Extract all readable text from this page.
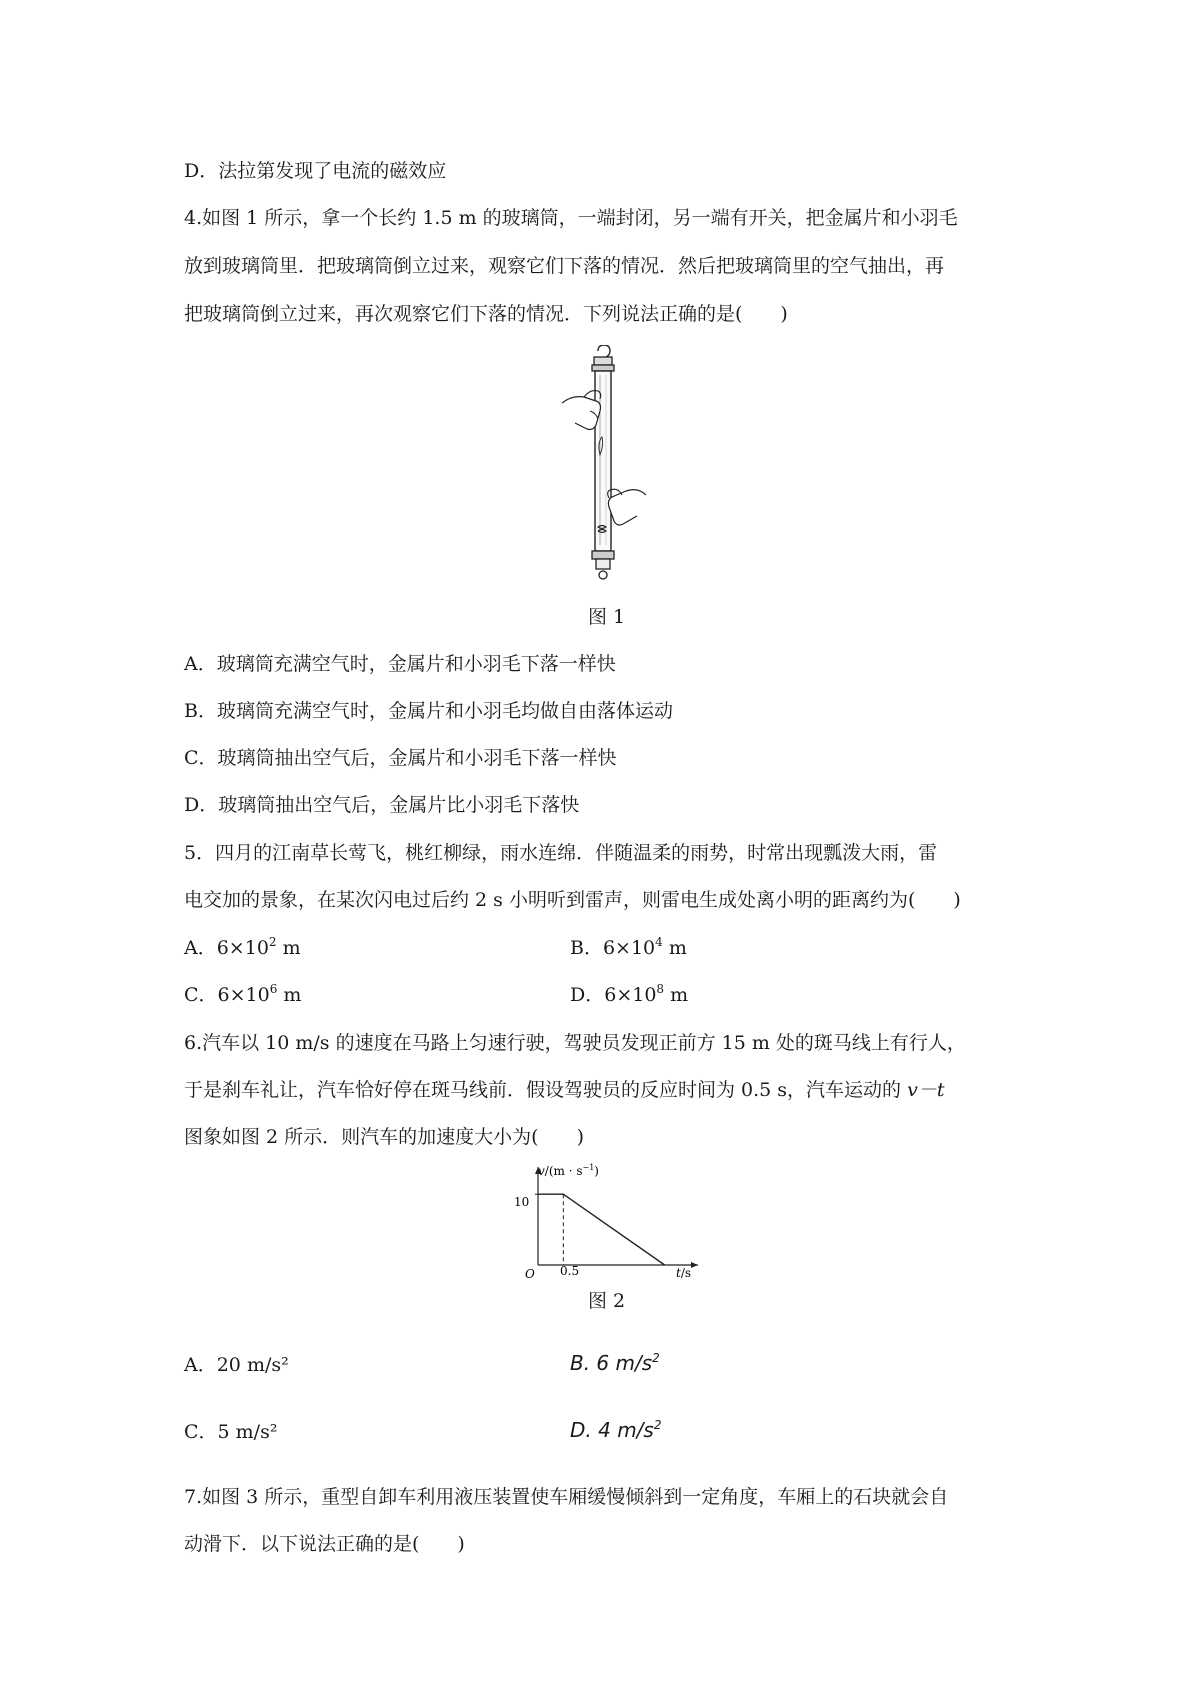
D．法拉第发现了电流的磁效应
4.如图 1 所示，拿一个长约 1.5 m 的玻璃筒，一端封闭，另一端有开关，把金属片和小羽毛
放到玻璃筒里．把玻璃筒倒立过来，观察它们下落的情况．然后把玻璃筒里的空气抽出，再
把玻璃筒倒立过来，再次观察它们下落的情况．下列说法正确的是(　　)
图 1
A．玻璃筒充满空气时，金属片和小羽毛下落一样快
B．玻璃筒充满空气时，金属片和小羽毛均做自由落体运动
C．玻璃筒抽出空气后，金属片和小羽毛下落一样快
D．玻璃筒抽出空气后，金属片比小羽毛下落快
5．四月的江南草长莺飞，桃红柳绿，雨水连绵．伴随温柔的雨势，时常出现瓢泼大雨，雷
电交加的景象，在某次闪电过后约 2 s 小明听到雷声，则雷电生成处离小明的距离约为(　　)
A．$6\times 10^2$ m	B．$6\times 10^4$ m
C．$6\times 10^6$ m	D．$6\times 10^8$ m
6.汽车以 10 m/s 的速度在马路上匀速行驶，驾驶员发现正前方 15 m 处的斑马线上有行人，
于是刹车礼让，汽车恰好停在斑马线前．假设驾驶员的反应时间为 0.5 s，汽车运动的 v－t
图象如图 2 所示．则汽车的加速度大小为(　　)
$v/(m \cdot s^{-1})$
t/s
O
10
0.5
图 2
A．20 m/s²	B. 6 $m/s^2$
C．5 m/s²	D. 4 $m/s^2$
7.如图 3 所示，重型自卸车利用液压装置使车厢缓慢倾斜到一定角度，车厢上的石块就会自
动滑下．以下说法正确的是(　　)
